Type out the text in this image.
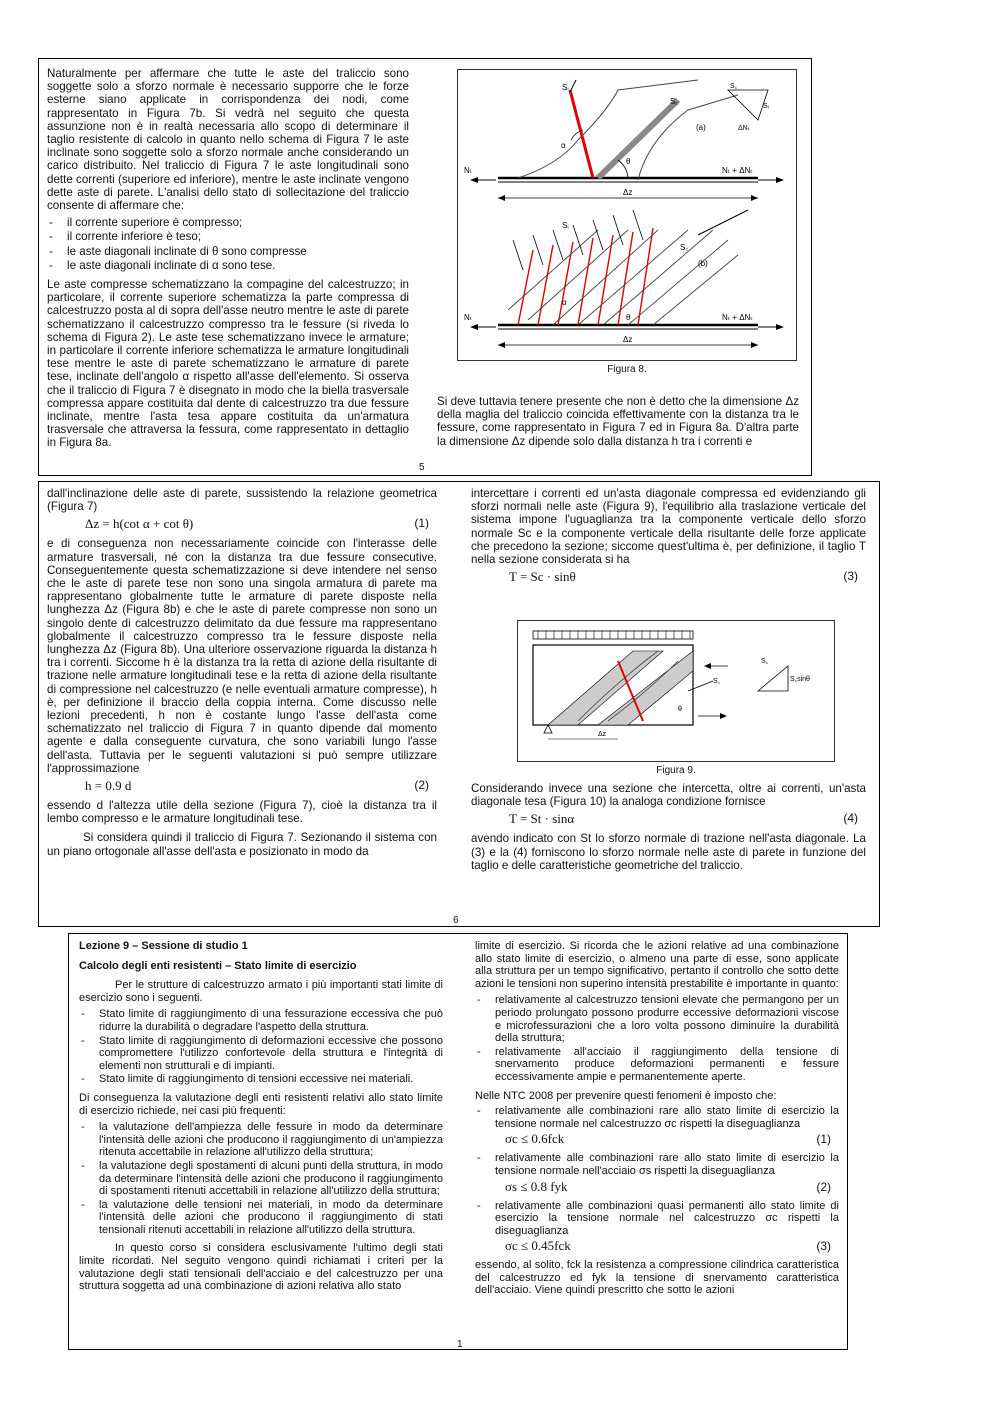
Naturalmente per affermare che tutte le aste del traliccio sono soggette solo a sforzo normale è necessario supporre che le forze esterne siano applicate in corrispondenza dei nodi, come rappresentato in Figura 7b. Si vedrà nel seguito che questa assunzione non è in realtà necessaria allo scopo di determinare il taglio resistente di calcolo in quanto nello schema di Figura 7 le aste inclinate sono soggette solo a sforzo normale anche considerando un carico distribuito. Nel traliccio di Figura 7 le aste longitudinali sono dette correnti (superiore ed inferiore), mentre le aste inclinate vengono dette aste di parete. L'analisi dello stato di sollecitazione del traliccio consente di affermare che:
- il corrente superiore è compresso;
- il corrente inferiore è teso;
- le aste diagonali inclinate di θ sono compresse
- le aste diagonali inclinate di α sono tese.
Le aste compresse schematizzano la compagine del calcestruzzo; in particolare, il corrente superiore schematizza la parte compressa di calcestruzzo posta al di sopra dell'asse neutro mentre le aste di parete schematizzano il calcestruzzo compresso tra le fessure (si riveda lo schema di Figura 2). Le aste tese schematizzano invece le armature; in particolare il corrente inferiore schematizza le armature longitudinali tese mentre le aste di parete schematizzano le armature di parete tese, inclinate dell'angolo α rispetto all'asse dell'elemento. Si osserva che il traliccio di Figura 7 è disegnato in modo che la biella trasversale compressa appare costituita dal dente di calcestruzzo tra due fessure inclinate, mentre l'asta tesa appare costituita da un'armatura trasversale che attraversa la fessura, come rappresentato in dettaglio in Figura 8a.
Nₜ	Nₜ + ΔNₜ
Sᵢ
S꜀
(a)
α
θ
Δz
S꜀
Sᵢ
ΔNₜ
Nₜ	Nₜ + ΔNₜ
Sᵢ
S꜀
(b)
α
θ
Δz
Figura 8.
Si deve tuttavia tenere presente che non è detto che la dimensione Δz della maglia del traliccio coincida effettivamente con la distanza tra le fessure, come rappresentato in Figura 7 ed in Figura 8a. D'altra parte la dimensione Δz dipende solo dalla distanza h tra i correnti e
5
dall'inclinazione delle aste di parete, sussistendo la relazione geometrica (Figura 7)
Δz = h(cot α + cot θ)	(1)
e di conseguenza non necessariamente coincide con l'interasse delle armature trasversali, né con la distanza tra due fessure consecutive. Conseguentemente questa schematizzazione si deve intendere nel senso che le aste di parete tese non sono una singola armatura di parete ma rappresentano globalmente tutte le armature di parete disposte nella lunghezza Δz (Figura 8b) e che le aste di parete compresse non sono un singolo dente di calcestruzzo delimitato da due fessure ma rappresentano globalmente il calcestruzzo compresso tra le fessure disposte nella lunghezza Δz (Figura 8b). Una ulteriore osservazione riguarda la distanza h tra i correnti. Siccome h è la distanza tra la retta di azione della risultante di trazione nelle armature longitudinali tese e la retta di azione della risultante di compressione nel calcestruzzo (e nelle eventuali armature compresse), h è, per definizione il braccio della coppia interna. Come discusso nelle lezioni precedenti, h non è costante lungo l'asse dell'asta come schematizzato nel traliccio di Figura 7 in quanto dipende dal momento agente e dalla conseguente curvatura, che sono variabili lungo l'asse dell'asta. Tuttavia per le seguenti valutazioni si può sempre utilizzare l'approssimazione
h = 0.9 d	(2)
essendo d l'altezza utile della sezione (Figura 7), cioè la distanza tra il lembo compresso e le armature longitudinali tese.
Si considera quindi il traliccio di Figura 7. Sezionando il sistema con un piano ortogonale all'asse dell'asta e posizionato in modo da
intercettare i correnti ed un'asta diagonale compressa ed evidenziando gli sforzi normali nelle aste (Figura 9), l'equilibrio alla traslazione verticale del sistema impone l'uguaglianza tra la componente verticale dello sforzo normale Sc e la componente verticale della risultante delle forze applicate che precedono la sezione; siccome quest'ultima è, per definizione, il taglio T nella sezione considerata si ha
T = Sc · sinθ	(3)
Δz
S꜀
θ
S꜀
S꜀sinθ
Figura 9.
Considerando invece una sezione che intercetta, oltre ai correnti, un'asta diagonale tesa (Figura 10) la analoga condizione fornisce
T = St · sinα	(4)
avendo indicato con St lo sforzo normale di trazione nell'asta diagonale. La (3) e la (4) forniscono lo sforzo normale nelle aste di parete in funzione del taglio e delle caratteristiche geometriche del traliccio.
6
Lezione 9 – Sessione di studio 1
Calcolo degli enti resistenti – Stato limite di esercizio
Per le strutture di calcestruzzo armato i più importanti stati limite di esercizio sono i seguenti.
- Stato limite di raggiungimento di una fessurazione eccessiva che può ridurre la durabilità o degradare l'aspetto della struttura.
- Stato limite di raggiungimento di deformazioni eccessive che possono compromettere l'utilizzo confortevole della struttura e l'integrità di elementi non strutturali e di impianti.
- Stato limite di raggiungimento di tensioni eccessive nei materiali.
Di conseguenza la valutazione degli enti resistenti relativi allo stato limite di esercizio richiede, nei casi più frequenti:
- la valutazione dell'ampiezza delle fessure in modo da determinare l'intensità delle azioni che producono il raggiungimento di un'ampiezza ritenuta accettabile in relazione all'utilizzo della struttura;
- la valutazione degli spostamenti di alcuni punti della struttura, in modo da determinare l'intensità delle azioni che producono il raggiungimento di spostamenti ritenuti accettabili in relazione all'utilizzo della struttura;
- la valutazione delle tensioni nei materiali, in modo da determinare l'intensità delle azioni che producono il raggiungimento di stati tensionali ritenuti accettabili in relazione all'utilizzo della struttura.
In questo corso si considera esclusivamente l'ultimo degli stati limite ricordati. Nel seguito vengono quindi richiamati i criteri per la valutazione degli stati tensionali dell'acciaio e del calcestruzzo per una struttura soggetta ad una combinazione di azioni relativa allo stato
limite di esercizio. Si ricorda che le azioni relative ad una combinazione allo stato limite di esercizio, o almeno una parte di esse, sono applicate alla struttura per un tempo significativo, pertanto il controllo che sotto dette azioni le tensioni non superino intensità prestabilite è importante in quanto:
- relativamente al calcestruzzo tensioni elevate che permangono per un periodo prolungato possono produrre eccessive deformazioni viscose e microfessurazioni che a loro volta possono diminuire la durabilità della struttura;
- relativamente all'acciaio il raggiungimento della tensione di snervamento produce deformazioni permanenti e fessure eccessivamente ampie e permanentemente aperte.
Nelle NTC 2008 per prevenire questi fenomeni è imposto che:
- relativamente alle combinazioni rare allo stato limite di esercizio la tensione normale nel calcestruzzo σc rispetti la diseguaglianza
σc ≤ 0.6fck	(1)
- relativamente alle combinazioni rare allo stato limite di esercizio la tensione normale nell'acciaio σs rispetti la diseguaglianza
σs ≤ 0.8 fyk	(2)
- relativamente alle combinazioni quasi permanenti allo stato limite di esercizio la tensione normale nel calcestruzzo σc rispetti la diseguaglianza
σc ≤ 0.45fck	(3)
essendo, al solito, fck la resistenza a compressione cilindrica caratteristica del calcestruzzo ed fyk la tensione di snervamento caratteristica dell'acciaio. Viene quindi prescritto che sotto le azioni
1
